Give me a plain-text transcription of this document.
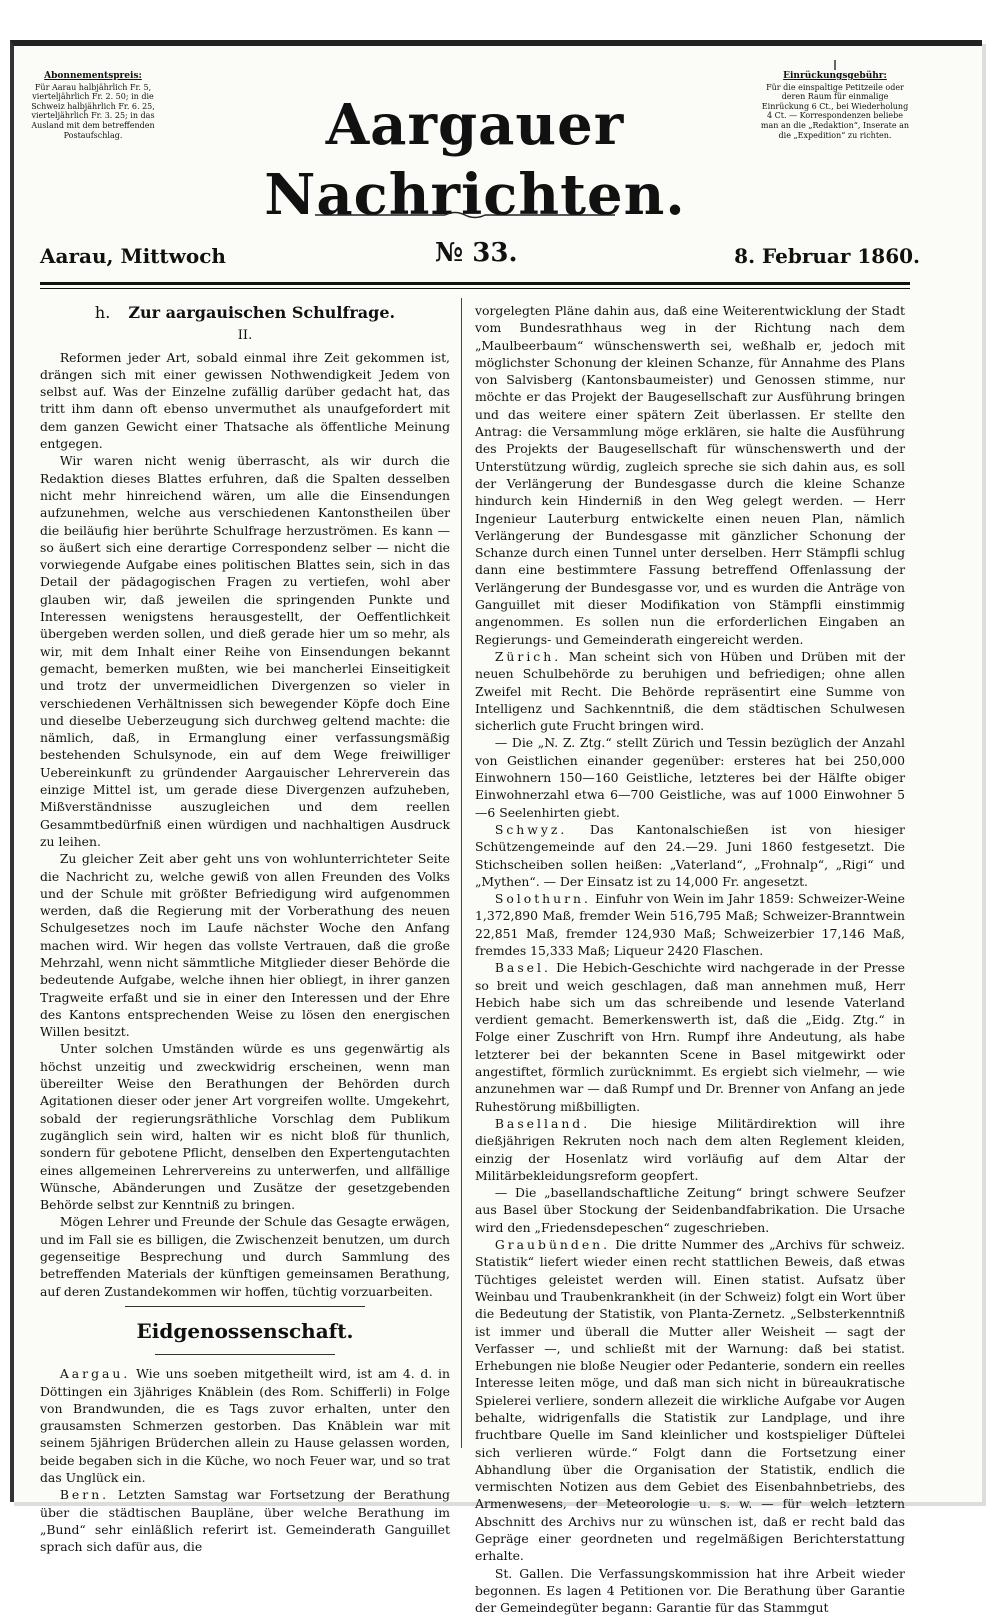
Abonnementspreis:
Für Aarau halbjährlich Fr. 5, vierteljährlich Fr. 2. 50; in die Schweiz halbjährlich Fr. 6. 25, vierteljährlich Fr. 3. 25; in das Ausland mit dem betreffenden Postaufschlag.	Aargauer Nachrichten.
Einrückungsgebühr:
Für die einspaltige Petitzeile oder deren Raum für einmalige Einrückung 6 Ct., bei Wiederholung 4 Ct. — Korrespondenzen beliebe man an die „Redaktion“, Inserate an die „Expedition“ zu richten.
Aarau, Mittwoch	№ 33.	8. Februar 1860.
h. Zur aargauischen Schulfrage.
II.

Reformen jeder Art, sobald einmal ihre Zeit gekommen ist, drängen sich mit einer gewissen Nothwendigkeit Jedem von selbst auf. Was der Einzelne zufällig darüber gedacht hat, das tritt ihm dann oft ebenso unvermuthet als unaufgefordert mit dem ganzen Gewicht einer Thatsache als öffentliche Meinung entgegen.

Wir waren nicht wenig überrascht, als wir durch die Redaktion dieses Blattes erfuhren, daß die Spalten desselben nicht mehr hinreichend wären, um alle die Einsendungen aufzunehmen, welche aus verschiedenen Kantonstheilen über die beiläufig hier berührte Schulfrage herzuströmen. Es kann — so äußert sich eine derartige Correspondenz selber — nicht die vorwiegende Aufgabe eines politischen Blattes sein, sich in das Detail der pädagogischen Fragen zu vertiefen, wohl aber glauben wir, daß jeweilen die springenden Punkte und Interessen wenigstens herausgestellt, der Oeffentlichkeit übergeben werden sollen, und dieß gerade hier um so mehr, als wir, mit dem Inhalt einer Reihe von Einsendungen bekannt gemacht, bemerken mußten, wie bei mancherlei Einseitigkeit und trotz der unvermeidlichen Divergenzen so vieler in verschiedenen Verhältnissen sich bewegender Köpfe doch Eine und dieselbe Ueberzeugung sich durchweg geltend machte: die nämlich, daß, in Ermanglung einer verfassungsmäßig bestehenden Schulsynode, ein auf dem Wege freiwilliger Uebereinkunft zu gründender Aargauischer Lehrerverein das einzige Mittel ist, um gerade diese Divergenzen aufzuheben, Mißverständnisse auszugleichen und dem reellen Gesammtbedürfniß einen würdigen und nachhaltigen Ausdruck zu leihen.

Zu gleicher Zeit aber geht uns von wohlunterrichteter Seite die Nachricht zu, welche gewiß von allen Freunden des Volks und der Schule mit größter Befriedigung wird aufgenommen werden, daß die Regierung mit der Vorberathung des neuen Schulgesetzes noch im Laufe nächster Woche den Anfang machen wird. Wir hegen das vollste Vertrauen, daß die große Mehrzahl, wenn nicht sämmtliche Mitglieder dieser Behörde die bedeutende Aufgabe, welche ihnen hier obliegt, in ihrer ganzen Tragweite erfaßt und sie in einer den Interessen und der Ehre des Kantons entsprechenden Weise zu lösen den energischen Willen besitzt.

Unter solchen Umständen würde es uns gegenwärtig als höchst unzeitig und zweckwidrig erscheinen, wenn man übereilter Weise den Berathungen der Behörden durch Agitationen dieser oder jener Art vorgreifen wollte. Umgekehrt, sobald der regierungsräthliche Vorschlag dem Publikum zugänglich sein wird, halten wir es nicht bloß für thunlich, sondern für gebotene Pflicht, denselben den Expertengutachten eines allgemeinen Lehrervereins zu unterwerfen, und allfällige Wünsche, Abänderungen und Zusätze der gesetzgebenden Behörde selbst zur Kenntniß zu bringen.

Mögen Lehrer und Freunde der Schule das Gesagte erwägen, und im Fall sie es billigen, die Zwischenzeit benutzen, um durch gegenseitige Besprechung und durch Sammlung des betreffenden Materials der künftigen gemeinsamen Berathung, auf deren Zustandekommen wir hoffen, tüchtig vorzuarbeiten.

Eidgenossenschaft.

Aargau. Wie uns soeben mitgetheilt wird, ist am 4. d. in Döttingen ein 3jähriges Knäblein (des Rom. Schifferli) in Folge von Brandwunden, die es Tags zuvor erhalten, unter den grausamsten Schmerzen gestorben. Das Knäblein war mit seinem 5jährigen Brüderchen allein zu Hause gelassen worden, beide begaben sich in die Küche, wo noch Feuer war, und so trat das Unglück ein.

Bern. Letzten Samstag war Fortsetzung der Berathung über die städtischen Baupläne, über welche Berathung im „Bund“ sehr einläßlich referirt ist. Gemeinderath Ganguillet sprach sich dafür aus, die

vorgelegten Pläne dahin aus, daß eine Weiterentwicklung der Stadt vom Bundesrathhaus weg in der Richtung nach dem „Maulbeerbaum“ wünschenswerth sei, weßhalb er, jedoch mit möglichster Schonung der kleinen Schanze, für Annahme des Plans von Salvisberg (Kantonsbaumeister) und Genossen stimme, nur möchte er das Projekt der Baugesellschaft zur Ausführung bringen und das weitere einer spätern Zeit überlassen. Er stellte den Antrag: die Versammlung möge erklären, sie halte die Ausführung des Projekts der Baugesellschaft für wünschenswerth und der Unterstützung würdig, zugleich spreche sie sich dahin aus, es soll der Verlängerung der Bundesgasse durch die kleine Schanze hindurch kein Hinderniß in den Weg gelegt werden. — Herr Ingenieur Lauterburg entwickelte einen neuen Plan, nämlich Verlängerung der Bundesgasse mit gänzlicher Schonung der Schanze durch einen Tunnel unter derselben. Herr Stämpfli schlug dann eine bestimmtere Fassung betreffend Offenlassung der Verlängerung der Bundesgasse vor, und es wurden die Anträge von Ganguillet mit dieser Modifikation von Stämpfli einstimmig angenommen. Es sollen nun die erforderlichen Eingaben an Regierungs- und Gemeinderath eingereicht werden.

Zürich. Man scheint sich von Hüben und Drüben mit der neuen Schulbehörde zu beruhigen und befriedigen; ohne allen Zweifel mit Recht. Die Behörde repräsentirt eine Summe von Intelligenz und Sachkenntniß, die dem städtischen Schulwesen sicherlich gute Frucht bringen wird.

— Die „N. Z. Ztg.“ stellt Zürich und Tessin bezüglich der Anzahl von Geistlichen einander gegenüber: ersteres hat bei 250,000 Einwohnern 150—160 Geistliche, letzteres bei der Hälfte obiger Einwohnerzahl etwa 6—700 Geistliche, was auf 1000 Einwohner 5—6 Seelenhirten giebt.

Schwyz. Das Kantonalschießen ist von hiesiger Schützengemeinde auf den 24.—29. Juni 1860 festgesetzt. Die Stichscheiben sollen heißen: „Vaterland“, „Frohnalp“, „Rigi“ und „Mythen“. — Der Einsatz ist zu 14,000 Fr. angesetzt.

Solothurn. Einfuhr von Wein im Jahr 1859: Schweizer-Weine 1,372,890 Maß, fremder Wein 516,795 Maß; Schweizer-Branntwein 22,851 Maß, fremder 124,930 Maß; Schweizerbier 17,146 Maß, fremdes 15,333 Maß; Liqueur 2420 Flaschen.

Basel. Die Hebich-Geschichte wird nachgerade in der Presse so breit und weich geschlagen, daß man annehmen muß, Herr Hebich habe sich um das schreibende und lesende Vaterland verdient gemacht. Bemerkenswerth ist, daß die „Eidg. Ztg.“ in Folge einer Zuschrift von Hrn. Rumpf ihre Andeutung, als habe letzterer bei der bekannten Scene in Basel mitgewirkt oder angestiftet, förmlich zurücknimmt. Es ergiebt sich vielmehr, — wie anzunehmen war — daß Rumpf und Dr. Brenner von Anfang an jede Ruhestörung mißbilligten.

Baselland. Die hiesige Militärdirektion will ihre dießjährigen Rekruten noch nach dem alten Reglement kleiden, einzig der Hosenlatz wird vorläufig auf dem Altar der Militärbekleidungsreform geopfert.

— Die „basellandschaftliche Zeitung“ bringt schwere Seufzer aus Basel über Stockung der Seidenbandfabrikation. Die Ursache wird den „Friedensdepeschen“ zugeschrieben.

Graubünden. Die dritte Nummer des „Archivs für schweiz. Statistik“ liefert wieder einen recht stattlichen Beweis, daß etwas Tüchtiges geleistet werden will. Einen statist. Aufsatz über Weinbau und Traubenkrankheit (in der Schweiz) folgt ein Wort über die Bedeutung der Statistik, von Planta-Zernetz. „Selbsterkenntniß ist immer und überall die Mutter aller Weisheit — sagt der Verfasser —, und schließt mit der Warnung: daß bei statist. Erhebungen nie bloße Neugier oder Pedanterie, sondern ein reelles Interesse leiten möge, und daß man sich nicht in büreaukratische Spielerei verliere, sondern allezeit die wirkliche Aufgabe vor Augen behalte, widrigenfalls die Statistik zur Landplage, und ihre fruchtbare Quelle im Sand kleinlicher und kostspieliger Düftelei sich verlieren würde.“ Folgt dann die Fortsetzung einer Abhandlung über die Organisation der Statistik, endlich die vermischten Notizen aus dem Gebiet des Eisenbahnbetriebs, des Armenwesens, der Meteorologie u. s. w. — für welch letztern Abschnitt des Archivs nur zu wünschen ist, daß er recht bald das Gepräge einer geordneten und regelmäßigen Berichterstattung erhalte.

St. Gallen. Die Verfassungskommission hat ihre Arbeit wieder begonnen. Es lagen 4 Petitionen vor. Die Berathung über Garantie der Gemeindegüter begann: Garantie für das Stammgut
